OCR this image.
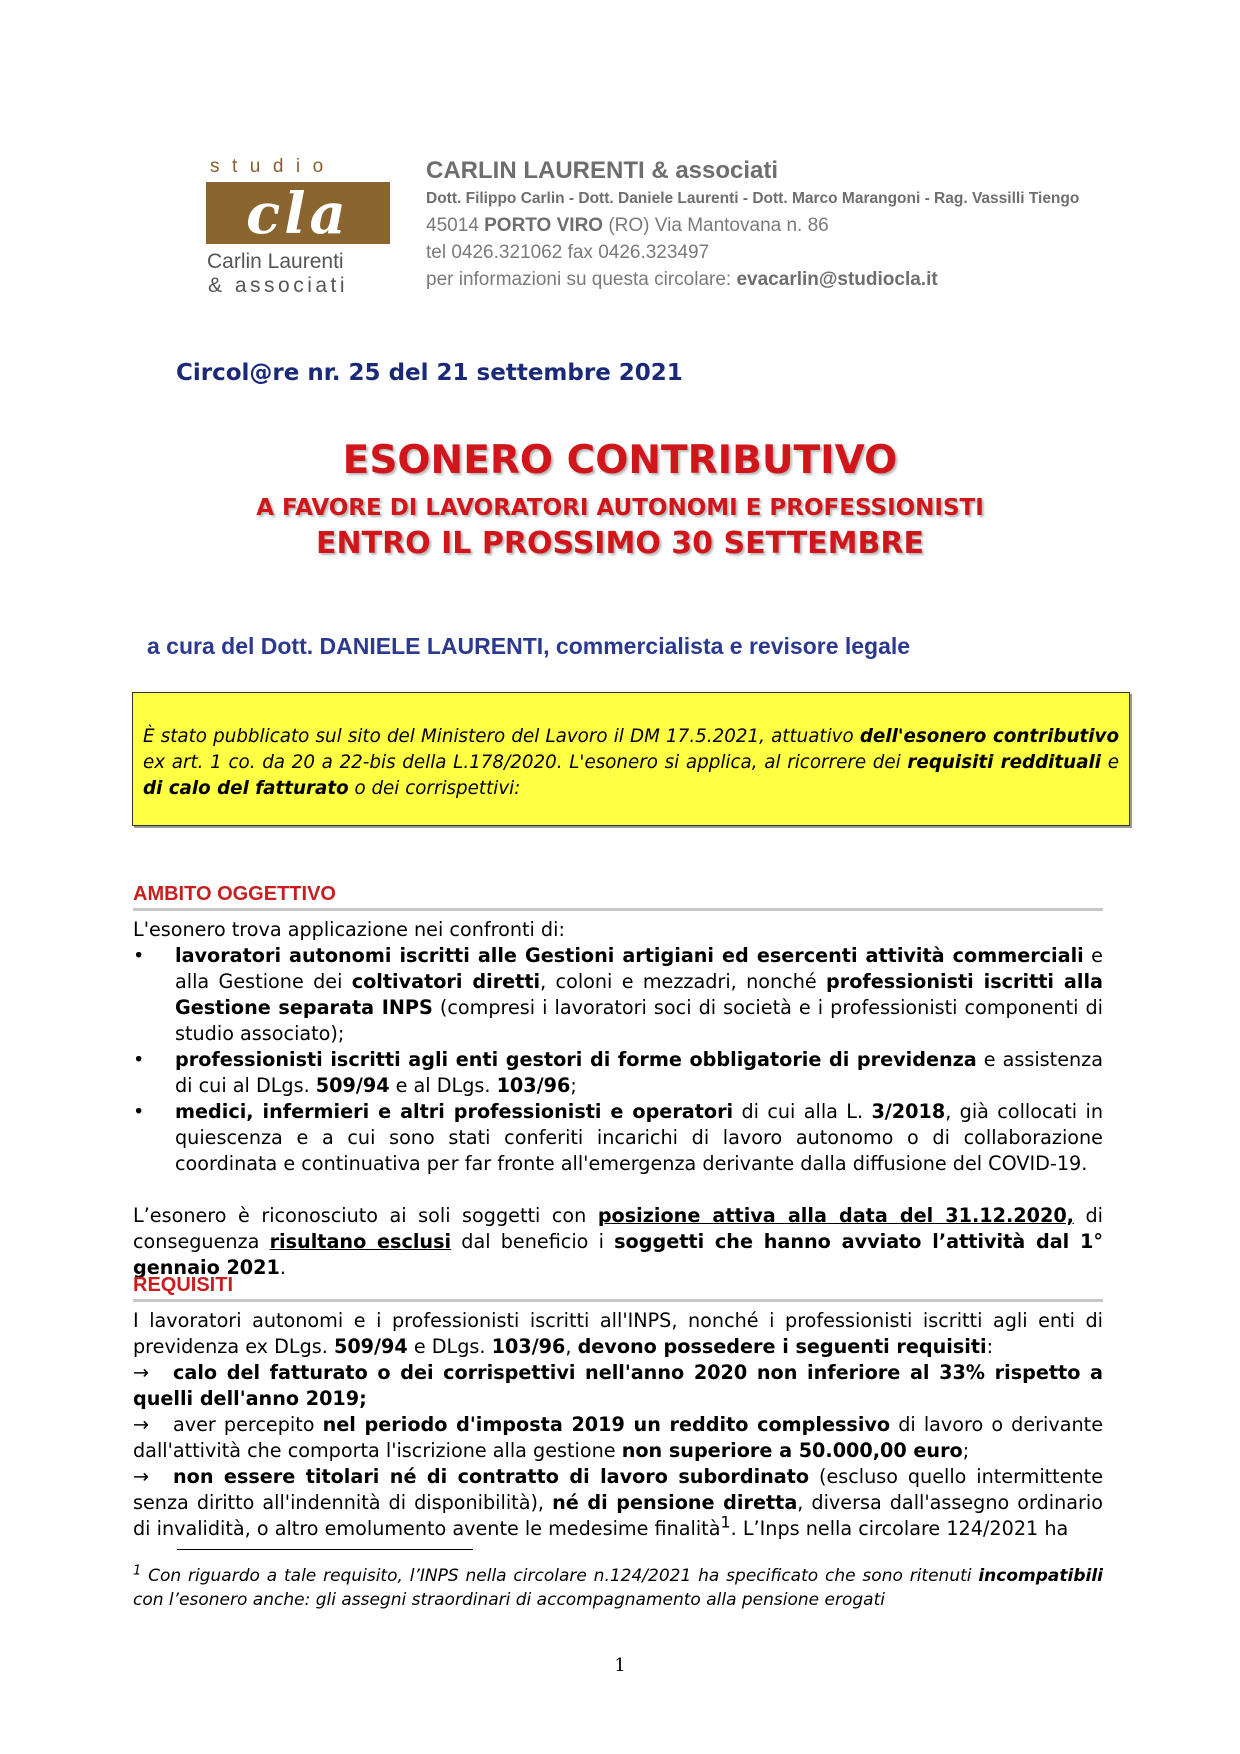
studio
cla
Carlin Laurenti
& associati
CARLIN LAURENTI & associati
Dott. Filippo Carlin - Dott. Daniele Laurenti - Dott. Marco Marangoni - Rag. Vassilli Tiengo
45014 PORTO VIRO (RO) Via Mantovana n. 86
tel 0426.321062 fax 0426.323497
per informazioni su questa circolare: evacarlin@studiocla.it
Circol@re nr. 25 del 21 settembre 2021
ESONERO CONTRIBUTIVO
A FAVORE DI LAVORATORI AUTONOMI E PROFESSIONISTI
ENTRO IL PROSSIMO 30 SETTEMBRE
a cura del Dott. DANIELE LAURENTI, commercialista e revisore legale
È stato pubblicato sul sito del Ministero del Lavoro il DM 17.5.2021, attuativo dell'esonero contributivo ex art. 1 co. da 20 a 22-bis della L.178/2020. L'esonero si applica, al ricorrere dei requisiti reddituali e di calo del fatturato o dei corrispettivi:
AMBITO OGGETTIVO
L'esonero trova applicazione nei confronti di:
• lavoratori autonomi iscritti alle Gestioni artigiani ed esercenti attività commerciali e alla Gestione dei coltivatori diretti, coloni e mezzadri, nonché professionisti iscritti alla Gestione separata INPS (compresi i lavoratori soci di società e i professionisti componenti di studio associato);
• professionisti iscritti agli enti gestori di forme obbligatorie di previdenza e assistenza di cui al DLgs. 509/94 e al DLgs. 103/96;
• medici, infermieri e altri professionisti e operatori di cui alla L. 3/2018, già collocati in quiescenza e a cui sono stati conferiti incarichi di lavoro autonomo o di collaborazione coordinata e continuativa per far fronte all'emergenza derivante dalla diffusione del COVID-19.
L’esonero è riconosciuto ai soli soggetti con posizione attiva alla data del 31.12.2020, di conseguenza risultano esclusi dal beneficio i soggetti che hanno avviato l’attività dal 1° gennaio 2021.
REQUISITI
I lavoratori autonomi e i professionisti iscritti all'INPS, nonché i professionisti iscritti agli enti di previdenza ex DLgs. 509/94 e DLgs. 103/96, devono possedere i seguenti requisiti:
→ calo del fatturato o dei corrispettivi nell'anno 2020 non inferiore al 33% rispetto a quelli dell'anno 2019;
→ aver percepito nel periodo d'imposta 2019 un reddito complessivo di lavoro o derivante dall'attività che comporta l'iscrizione alla gestione non superiore a 50.000,00 euro;
→ non essere titolari né di contratto di lavoro subordinato (escluso quello intermittente senza diritto all'indennità di disponibilità), né di pensione diretta, diversa dall'assegno ordinario di invalidità, o altro emolumento avente le medesime finalità$^1$. L’Inps nella circolare 124/2021 ha
$^1$ Con riguardo a tale requisito, l’INPS nella circolare n.124/2021 ha specificato che sono ritenuti incompatibili con l’esonero anche: gli assegni straordinari di accompagnamento alla pensione erogati
1
